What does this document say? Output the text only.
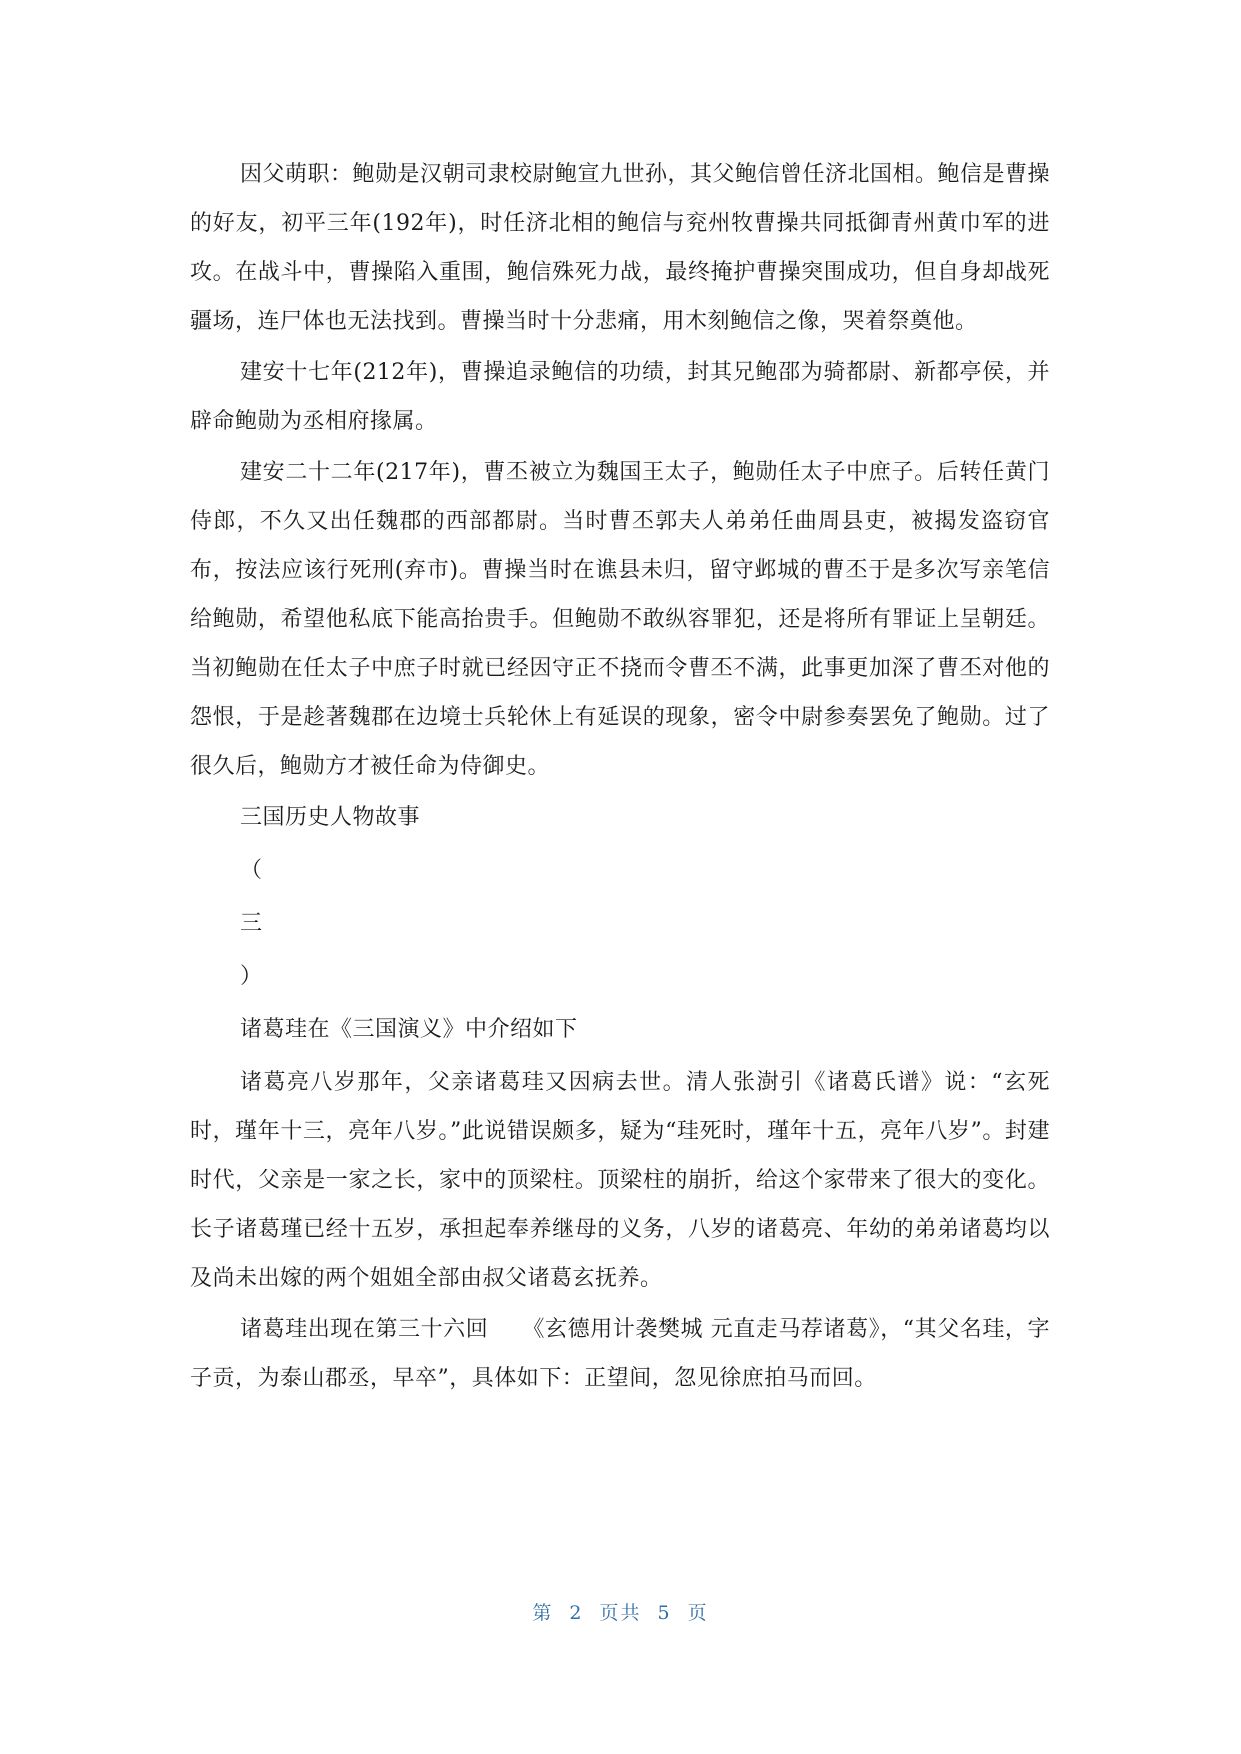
因父萌职：鲍勋是汉朝司隶校尉鲍宣九世孙，其父鲍信曾任济北国相。鲍信是曹操的好友，初平三年(192年)，时任济北相的鲍信与兖州牧曹操共同抵御青州黄巾军的进攻。在战斗中，曹操陷入重围，鲍信殊死力战，最终掩护曹操突围成功，但自身却战死疆场，连尸体也无法找到。曹操当时十分悲痛，用木刻鲍信之像，哭着祭奠他。

建安十七年(212年)，曹操追录鲍信的功绩，封其兄鲍邵为骑都尉、新都亭侯，并辟命鲍勋为丞相府掾属。

建安二十二年(217年)，曹丕被立为魏国王太子，鲍勋任太子中庶子。后转任黄门侍郎，不久又出任魏郡的西部都尉。当时曹丕郭夫人弟弟任曲周县吏，被揭发盗窃官布，按法应该行死刑(弃市)。曹操当时在谯县未归，留守邺城的曹丕于是多次写亲笔信给鲍勋，希望他私底下能高抬贵手。但鲍勋不敢纵容罪犯，还是将所有罪证上呈朝廷。当初鲍勋在任太子中庶子时就已经因守正不挠而令曹丕不满，此事更加深了曹丕对他的怨恨，于是趁著魏郡在边境士兵轮休上有延误的现象，密令中尉参奏罢免了鲍勋。过了很久后，鲍勋方才被任命为侍御史。

三国历史人物故事

（

三

）

诸葛珪在《三国演义》中介绍如下

诸葛亮八岁那年，父亲诸葛珪又因病去世。清人张澍引《诸葛氏谱》说：“玄死时，瑾年十三，亮年八岁。”此说错误颇多，疑为“珪死时，瑾年十五，亮年八岁”。封建时代，父亲是一家之长，家中的顶梁柱。顶梁柱的崩折，给这个家带来了很大的变化。长子诸葛瑾已经十五岁，承担起奉养继母的义务，八岁的诸葛亮、年幼的弟弟诸葛均以及尚未出嫁的两个姐姐全部由叔父诸葛玄抚养。

诸葛珪出现在第三十六回　　《玄德用计袭樊城 元直走马荐诸葛》，“其父名珪，字子贡，为泰山郡丞，早卒”，具体如下：正望间，忽见徐庶拍马而回。

第 2 页共 5 页
